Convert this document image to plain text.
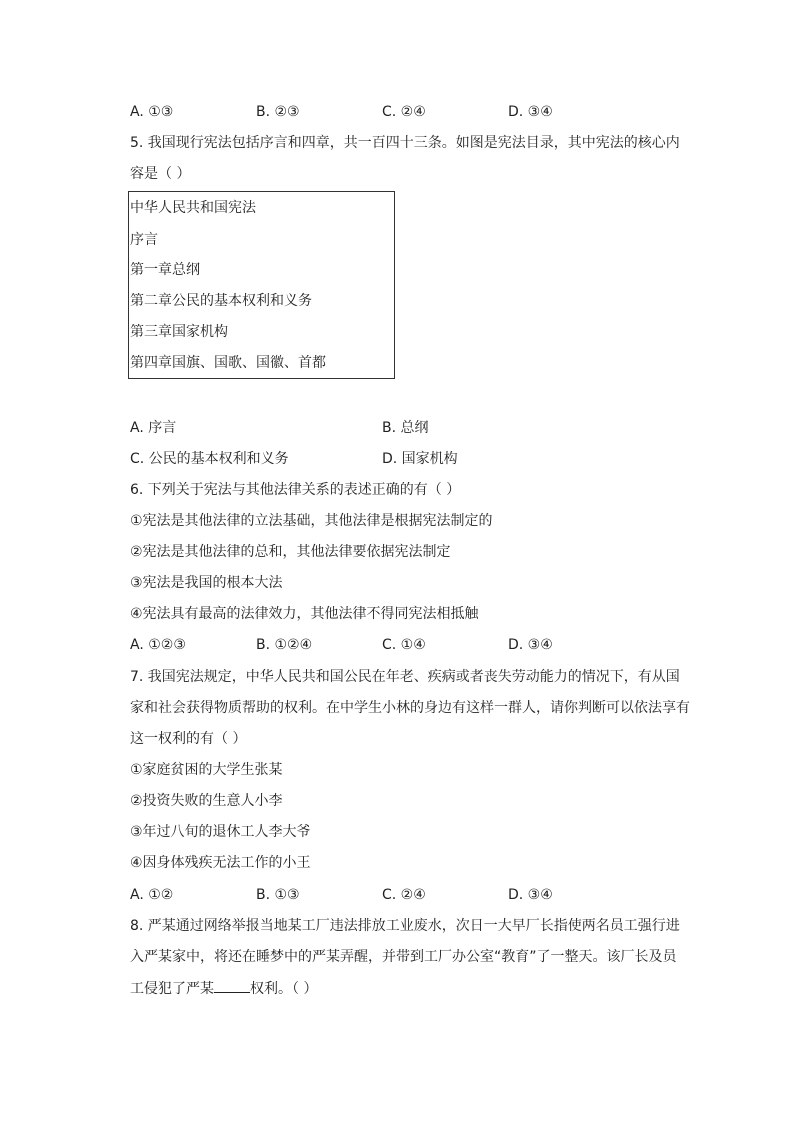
A. ①③	B. ②③	C. ②④	D. ③④
5. 我国现行宪法包括序言和四章，共一百四十三条。如图是宪法目录，其中宪法的核心内
容是（ ）
中华人民共和国宪法
序言
第一章总纲
第二章公民的基本权利和义务
第三章国家机构
第四章国旗、国歌、国徽、首都
A. 序言	B. 总纲
C. 公民的基本权利和义务	D. 国家机构
6. 下列关于宪法与其他法律关系的表述正确的有（ ）
①宪法是其他法律的立法基础，其他法律是根据宪法制定的
②宪法是其他法律的总和，其他法律要依据宪法制定
③宪法是我国的根本大法
④宪法具有最高的法律效力，其他法律不得同宪法相抵触
A. ①②③	B. ①②④	C. ①④	D. ③④
7. 我国宪法规定，中华人民共和国公民在年老、疾病或者丧失劳动能力的情况下，有从国
家和社会获得物质帮助的权利。在中学生小林的身边有这样一群人，请你判断可以依法享有
这一权利的有（ ）
①家庭贫困的大学生张某
②投资失败的生意人小李
③年过八旬的退休工人李大爷
④因身体残疾无法工作的小王
A. ①②	B. ①③	C. ②④	D. ③④
8. 严某通过网络举报当地某工厂违法排放工业废水，次日一大早厂长指使两名员工强行进
入严某家中，将还在睡梦中的严某弄醒，并带到工厂办公室“教育”了一整天。该厂长及员
工侵犯了严某	权利。（ ）
